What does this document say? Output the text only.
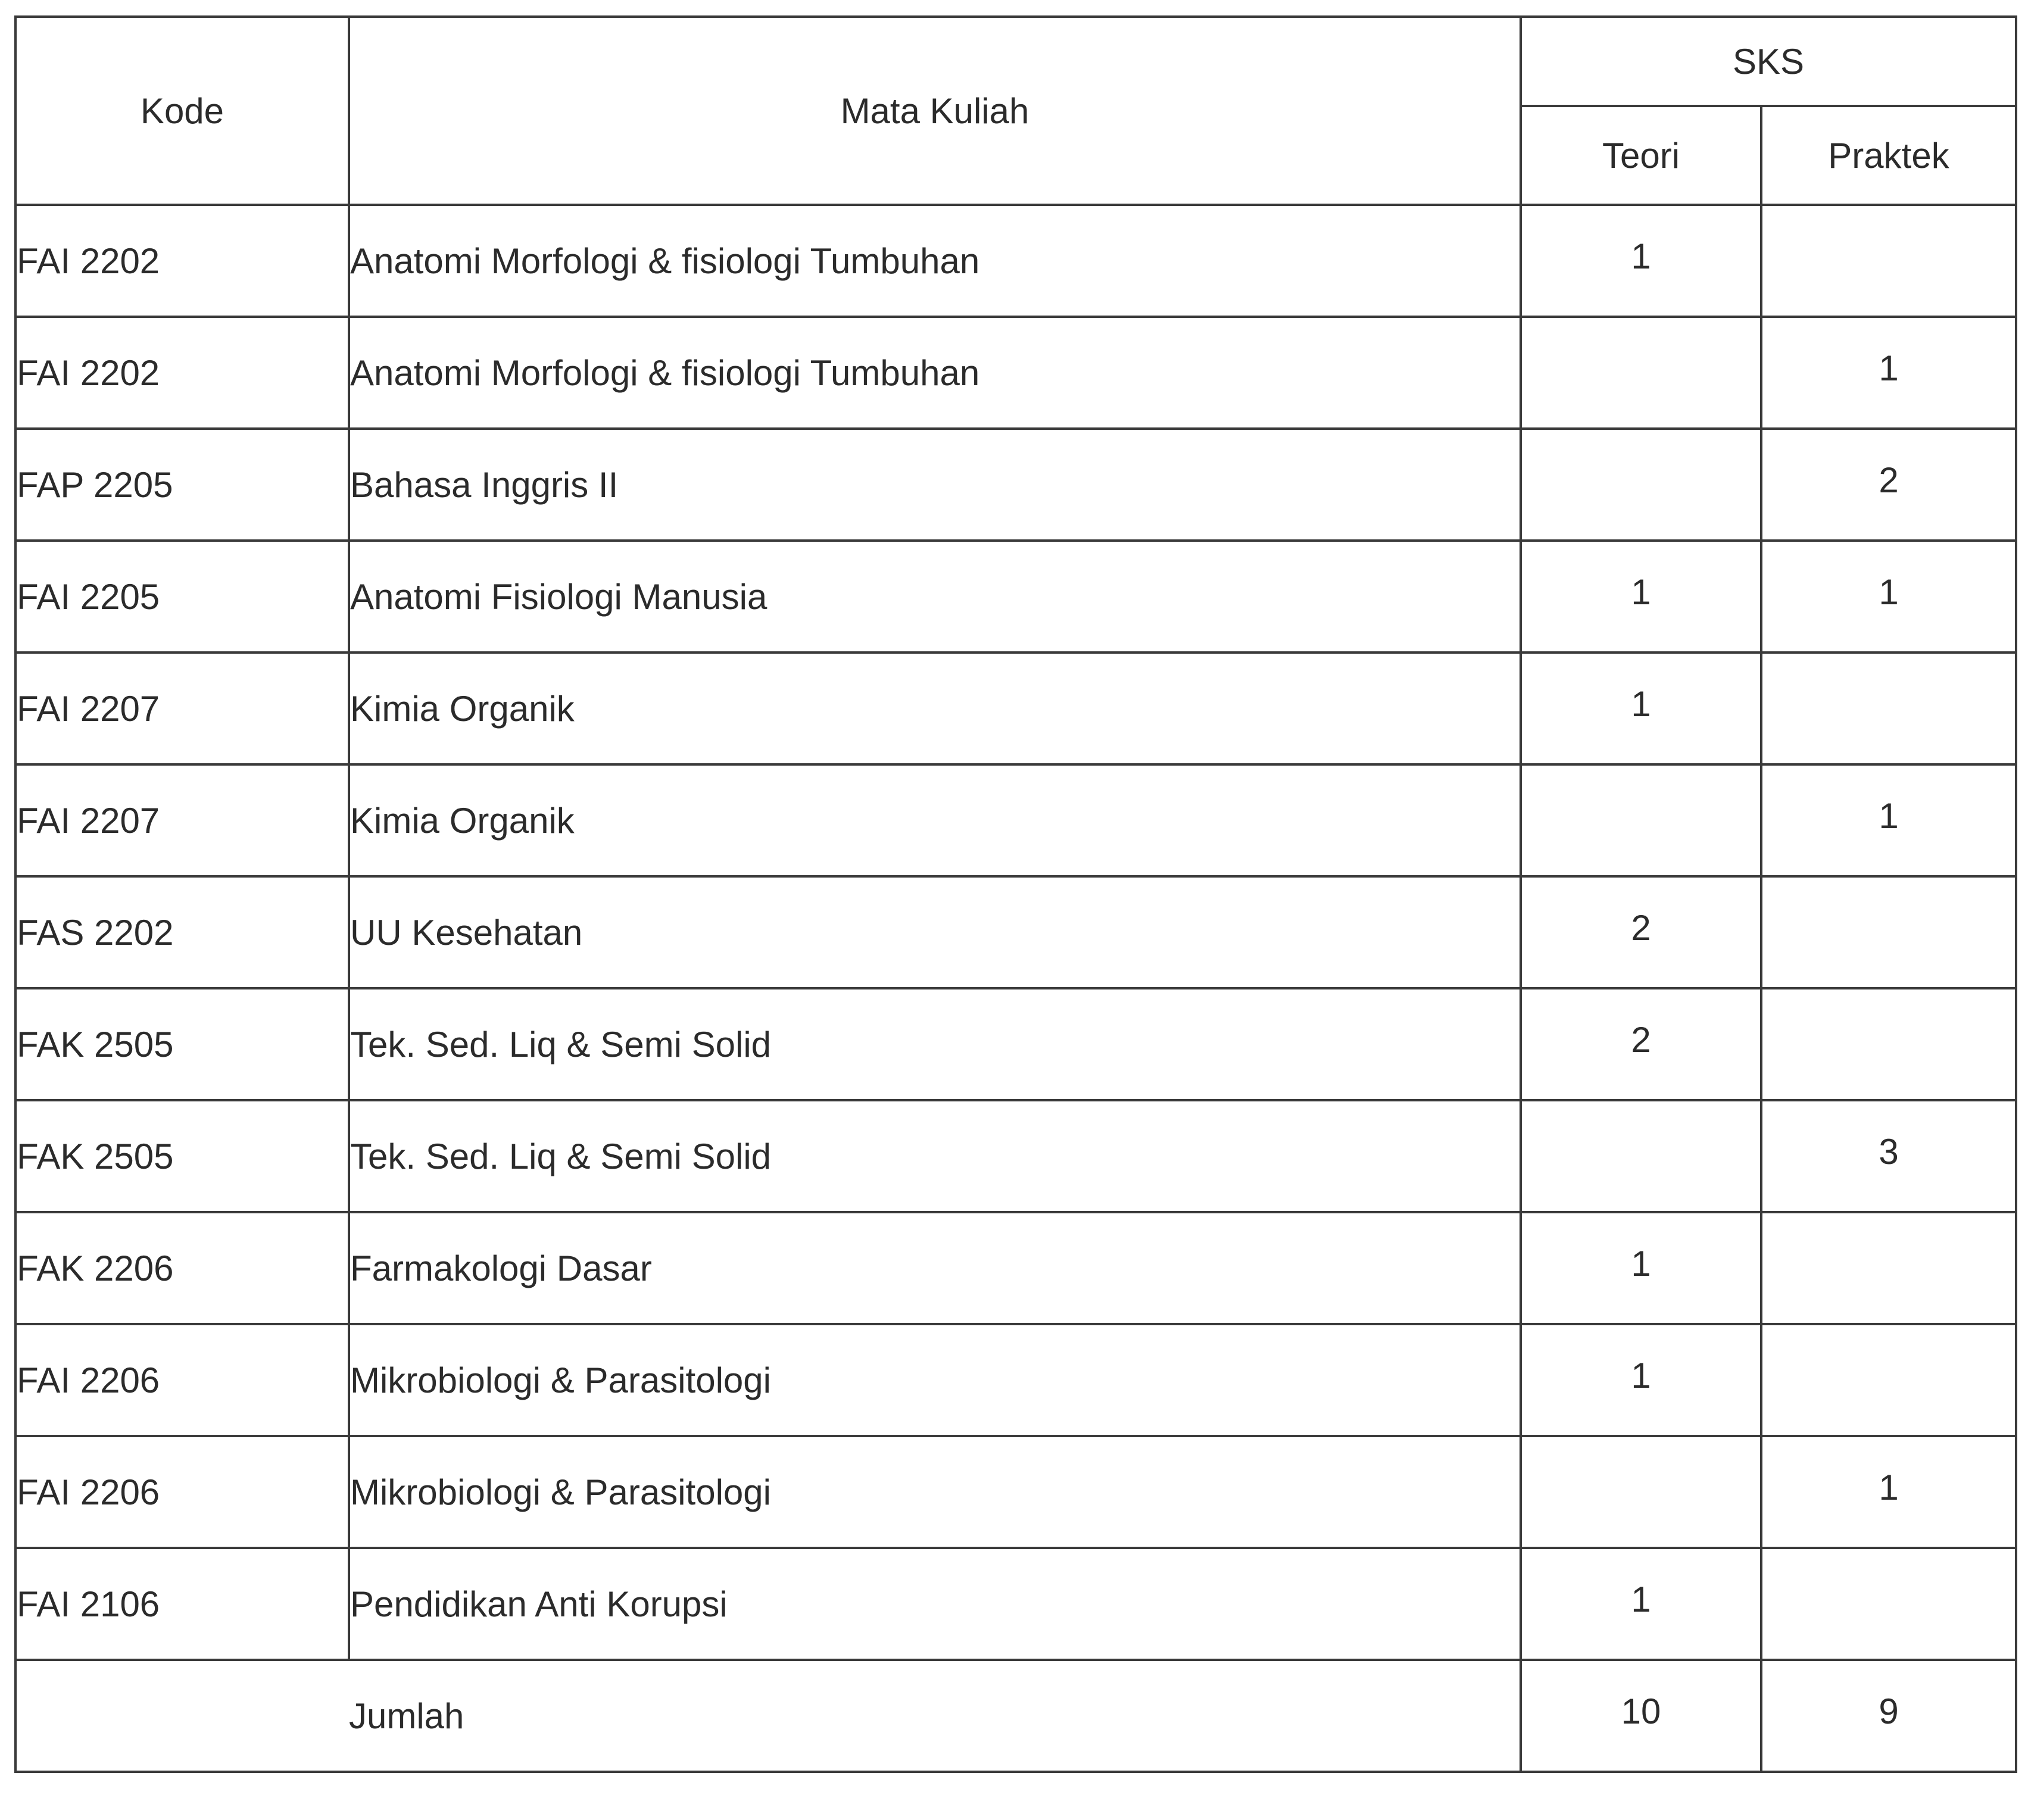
Kode	Mata Kuliah	SKS	
		Teori	Praktek
FAI 2202	Anatomi Morfologi & fisiologi Tumbuhan	1	
FAI 2202	Anatomi Morfologi & fisiologi Tumbuhan		1
FAP 2205	Bahasa Inggris II		2
FAI 2205	Anatomi Fisiologi Manusia	1	1
FAI 2207	Kimia Organik	1	
FAI 2207	Kimia Organik		1
FAS 2202	UU Kesehatan	2	
FAK 2505	Tek. Sed. Liq & Semi Solid	2	
FAK 2505	Tek. Sed. Liq & Semi Solid		3
FAK 2206	Farmakologi Dasar	1	
FAI 2206	Mikrobiologi & Parasitologi	1	
FAI 2206	Mikrobiologi & Parasitologi		1
FAI 2106	Pendidikan Anti Korupsi	1	
	Jumlah	10	9
